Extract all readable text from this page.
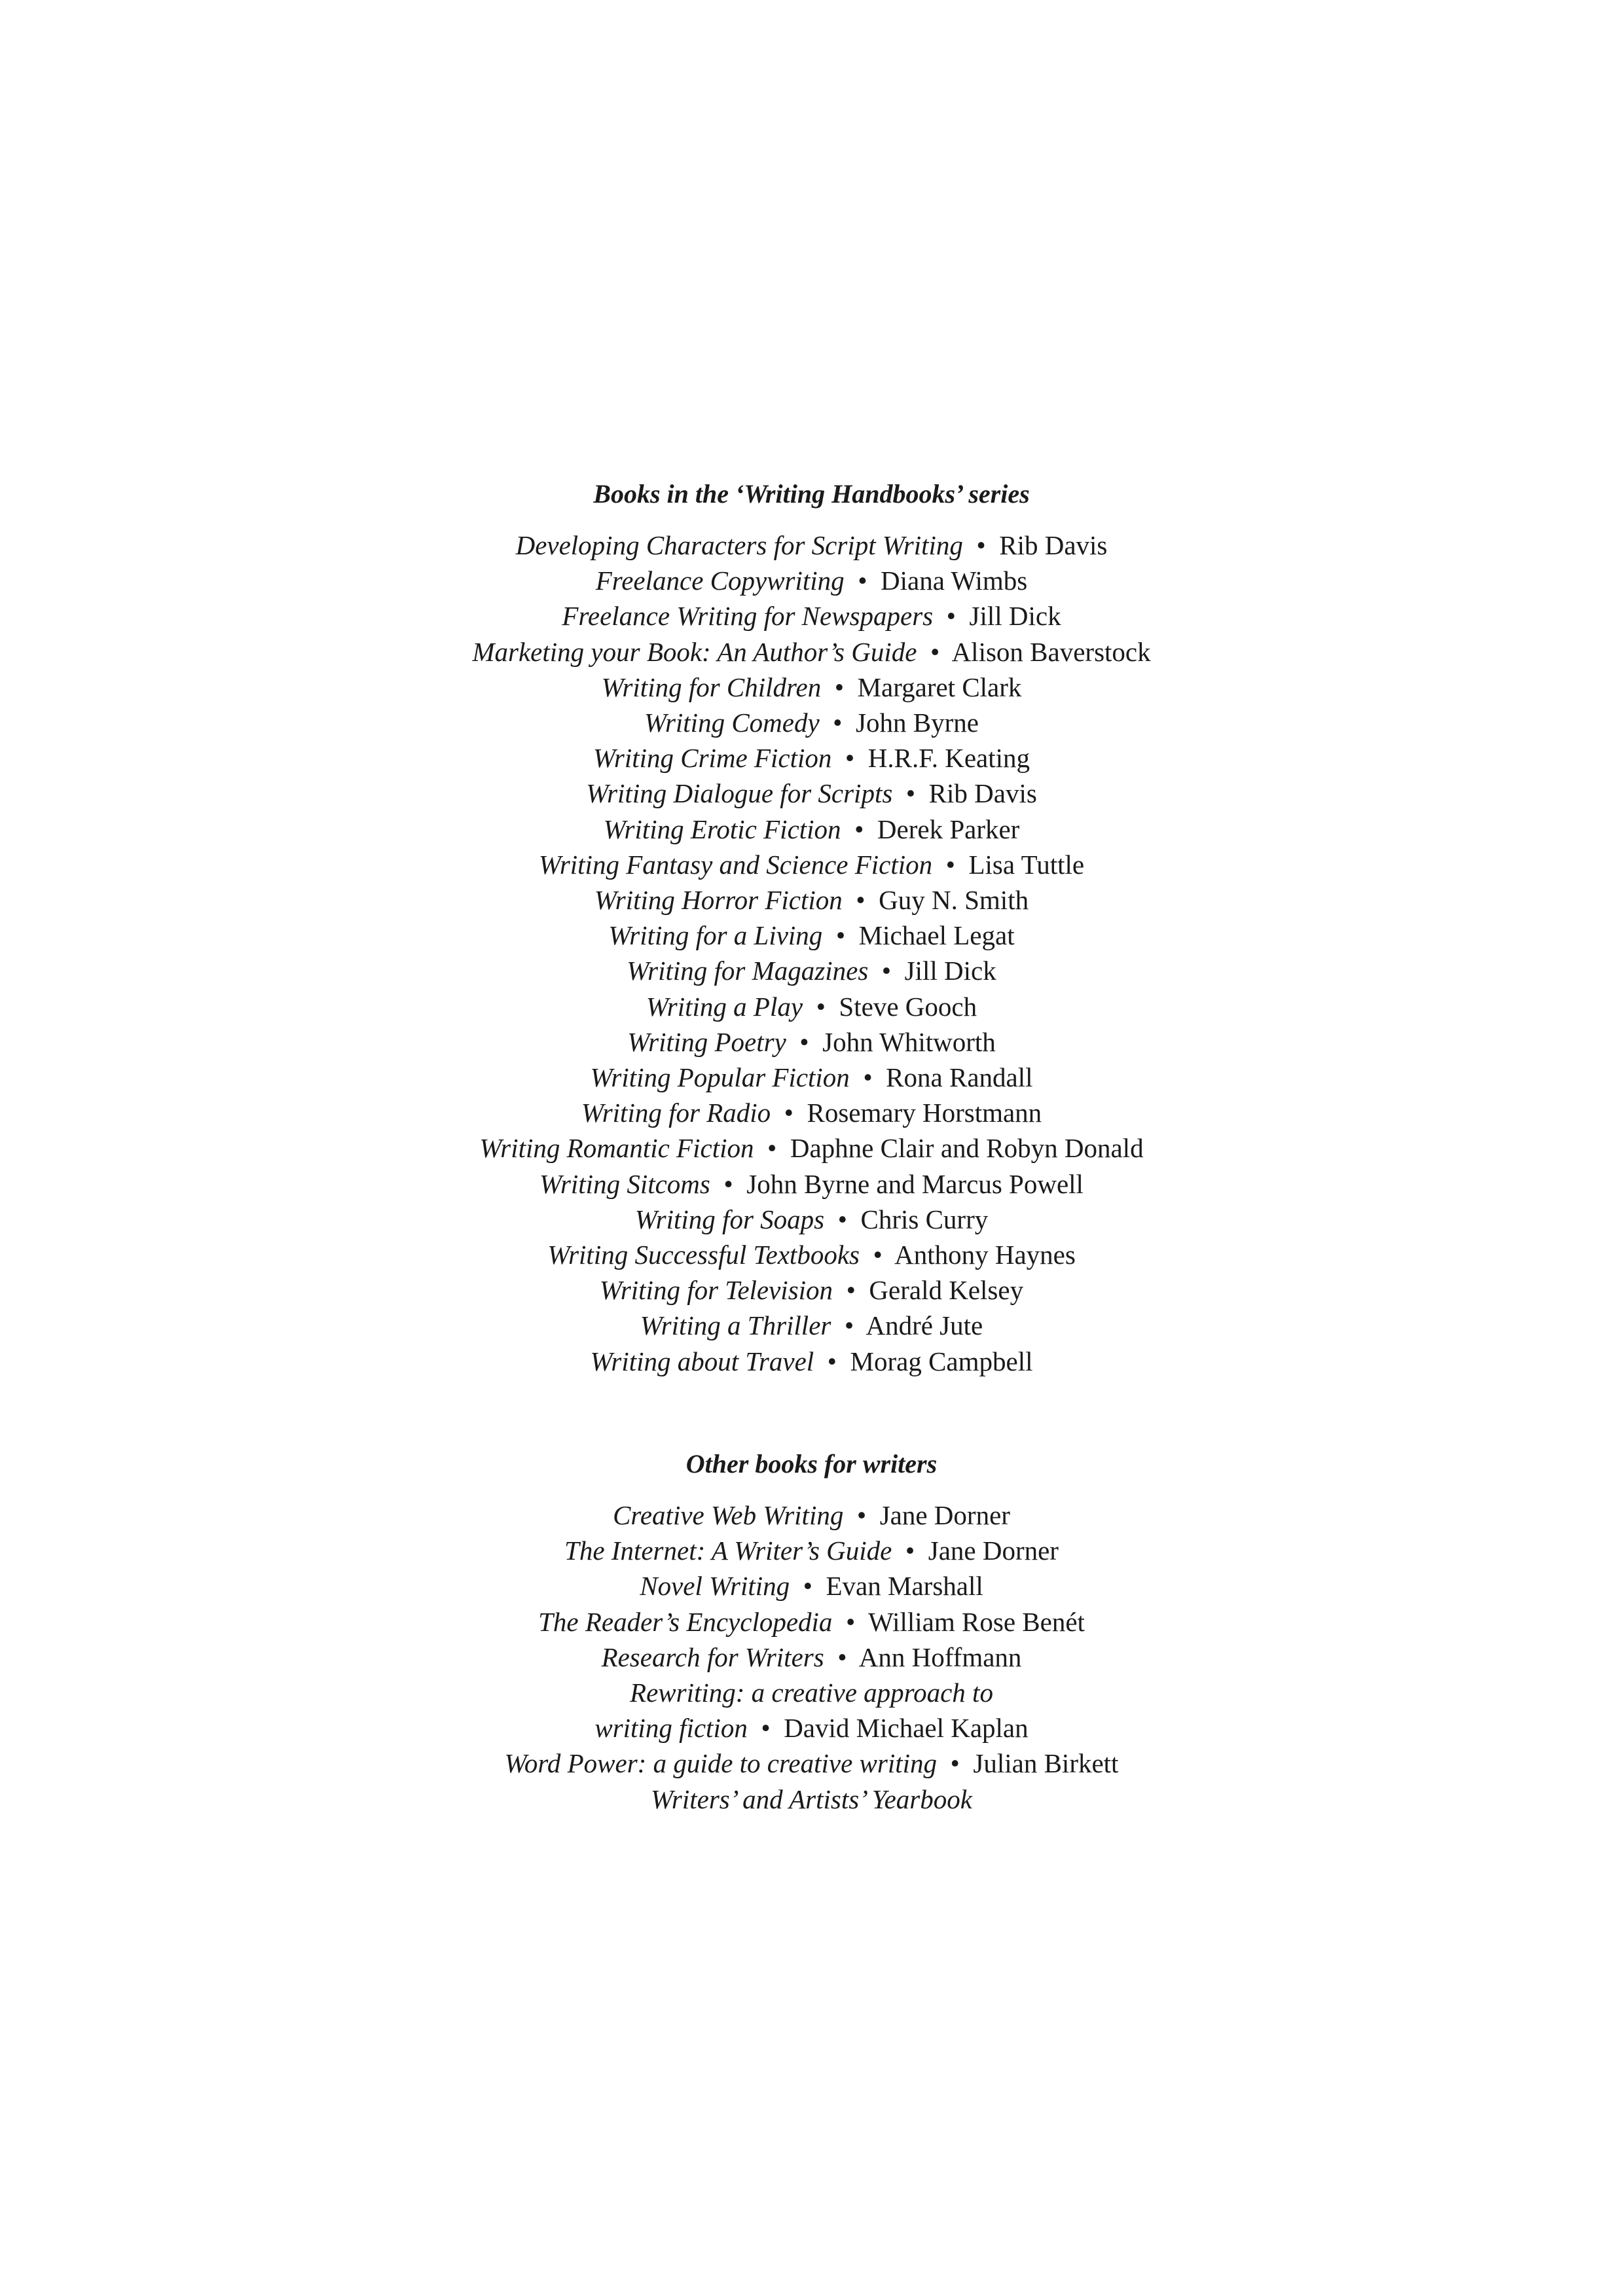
Books in the ‘Writing Handbooks’ series
Developing Characters for Script Writing • Rib Davis
Freelance Copywriting • Diana Wimbs
Freelance Writing for Newspapers • Jill Dick
Marketing your Book: An Author’s Guide • Alison Baverstock
Writing for Children • Margaret Clark
Writing Comedy • John Byrne
Writing Crime Fiction • H.R.F. Keating
Writing Dialogue for Scripts • Rib Davis
Writing Erotic Fiction • Derek Parker
Writing Fantasy and Science Fiction • Lisa Tuttle
Writing Horror Fiction • Guy N. Smith
Writing for a Living • Michael Legat
Writing for Magazines • Jill Dick
Writing a Play • Steve Gooch
Writing Poetry • John Whitworth
Writing Popular Fiction • Rona Randall
Writing for Radio • Rosemary Horstmann
Writing Romantic Fiction • Daphne Clair and Robyn Donald
Writing Sitcoms • John Byrne and Marcus Powell
Writing for Soaps • Chris Curry
Writing Successful Textbooks • Anthony Haynes
Writing for Television • Gerald Kelsey
Writing a Thriller • André Jute
Writing about Travel • Morag Campbell
Other books for writers
Creative Web Writing • Jane Dorner
The Internet: A Writer’s Guide • Jane Dorner
Novel Writing • Evan Marshall
The Reader’s Encyclopedia • William Rose Benét
Research for Writers • Ann Hoffmann
Rewriting: a creative approach to
writing fiction • David Michael Kaplan
Word Power: a guide to creative writing • Julian Birkett
Writers’ and Artists’ Yearbook
